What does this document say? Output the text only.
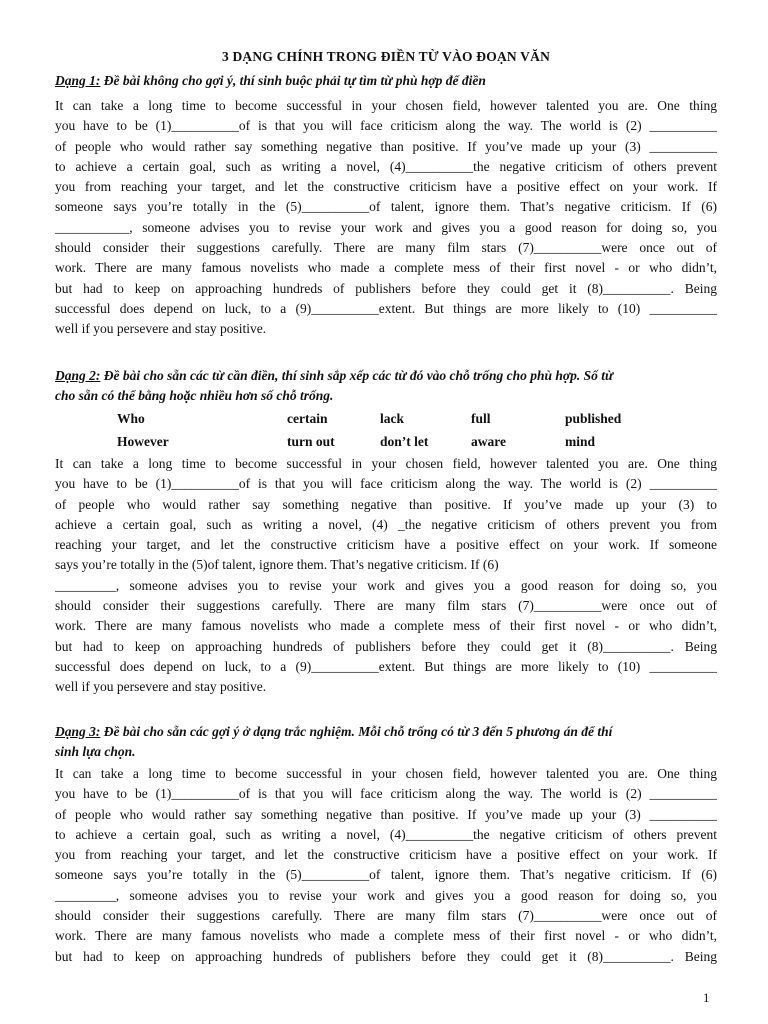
3 DẠNG CHÍNH TRONG ĐIỀN TỪ VÀO ĐOẠN VĂN
Dạng 1: Đề bài không cho gợi ý, thí sinh buộc phải tự tìm từ phù hợp để điền
It can take a long time to become successful in your chosen field, however talented you are. One thing
you have to be (1)__________of is that you will face criticism along the way. The world is (2) __________
of people who would rather say something negative than positive. If you’ve made up your (3) __________
to achieve a certain goal, such as writing a novel, (4)__________the negative criticism of others prevent
you from reaching your target, and let the constructive criticism have a positive effect on your work. If
someone says you’re totally in the (5)__________of talent, ignore them. That’s negative criticism. If (6)
___________, someone advises you to revise your work and gives you a good reason for doing so, you
should consider their suggestions carefully. There are many film stars (7)__________were once out of
work. There are many famous novelists who made a complete mess of their first novel - or who didn’t,
but had to keep on approaching hundreds of publishers before they could get it (8)__________. Being
successful does depend on luck, to a (9)__________extent. But things are more likely to (10) __________
well if you persevere and stay positive.
Dạng 2: Đề bài cho sẵn các từ cần điền, thí sinh sắp xếp các từ đó vào chỗ trống cho phù hợp. Số từ
cho sẵn có thể bằng hoặc nhiều hơn số chỗ trống.
Who	certain	lack	full	published
However	turn out	don’t let	aware	mind
It can take a long time to become successful in your chosen field, however talented you are. One thing
you have to be (1)__________of is that you will face criticism along the way. The world is (2) __________
of people who would rather say something negative than positive. If you’ve made up your (3) to
achieve a certain goal, such as writing a novel, (4) _the negative criticism of others prevent you from
reaching your target, and let the constructive criticism have a positive effect on your work. If someone
says you’re totally in the (5)of talent, ignore them. That’s negative criticism. If (6)
_________, someone advises you to revise your work and gives you a good reason for doing so, you
should consider their suggestions carefully. There are many film stars (7)__________were once out of
work. There are many famous novelists who made a complete mess of their first novel - or who didn’t,
but had to keep on approaching hundreds of publishers before they could get it (8)__________. Being
successful does depend on luck, to a (9)__________extent. But things are more likely to (10) __________
well if you persevere and stay positive.
Dạng 3: Đề bài cho sẵn các gợi ý ở dạng trắc nghiệm. Mỗi chỗ trống có từ 3 đến 5 phương án để thí
sinh lựa chọn.
It can take a long time to become successful in your chosen field, however talented you are. One thing
you have to be (1)__________of is that you will face criticism along the way. The world is (2) __________
of people who would rather say something negative than positive. If you’ve made up your (3) __________
to achieve a certain goal, such as writing a novel, (4)__________the negative criticism of others prevent
you from reaching your target, and let the constructive criticism have a positive effect on your work. If
someone says you’re totally in the (5)__________of talent, ignore them. That’s negative criticism. If (6)
_________, someone advises you to revise your work and gives you a good reason for doing so, you
should consider their suggestions carefully. There are many film stars (7)__________were once out of
work. There are many famous novelists who made a complete mess of their first novel - or who didn’t,
but had to keep on approaching hundreds of publishers before they could get it (8)__________. Being
1
